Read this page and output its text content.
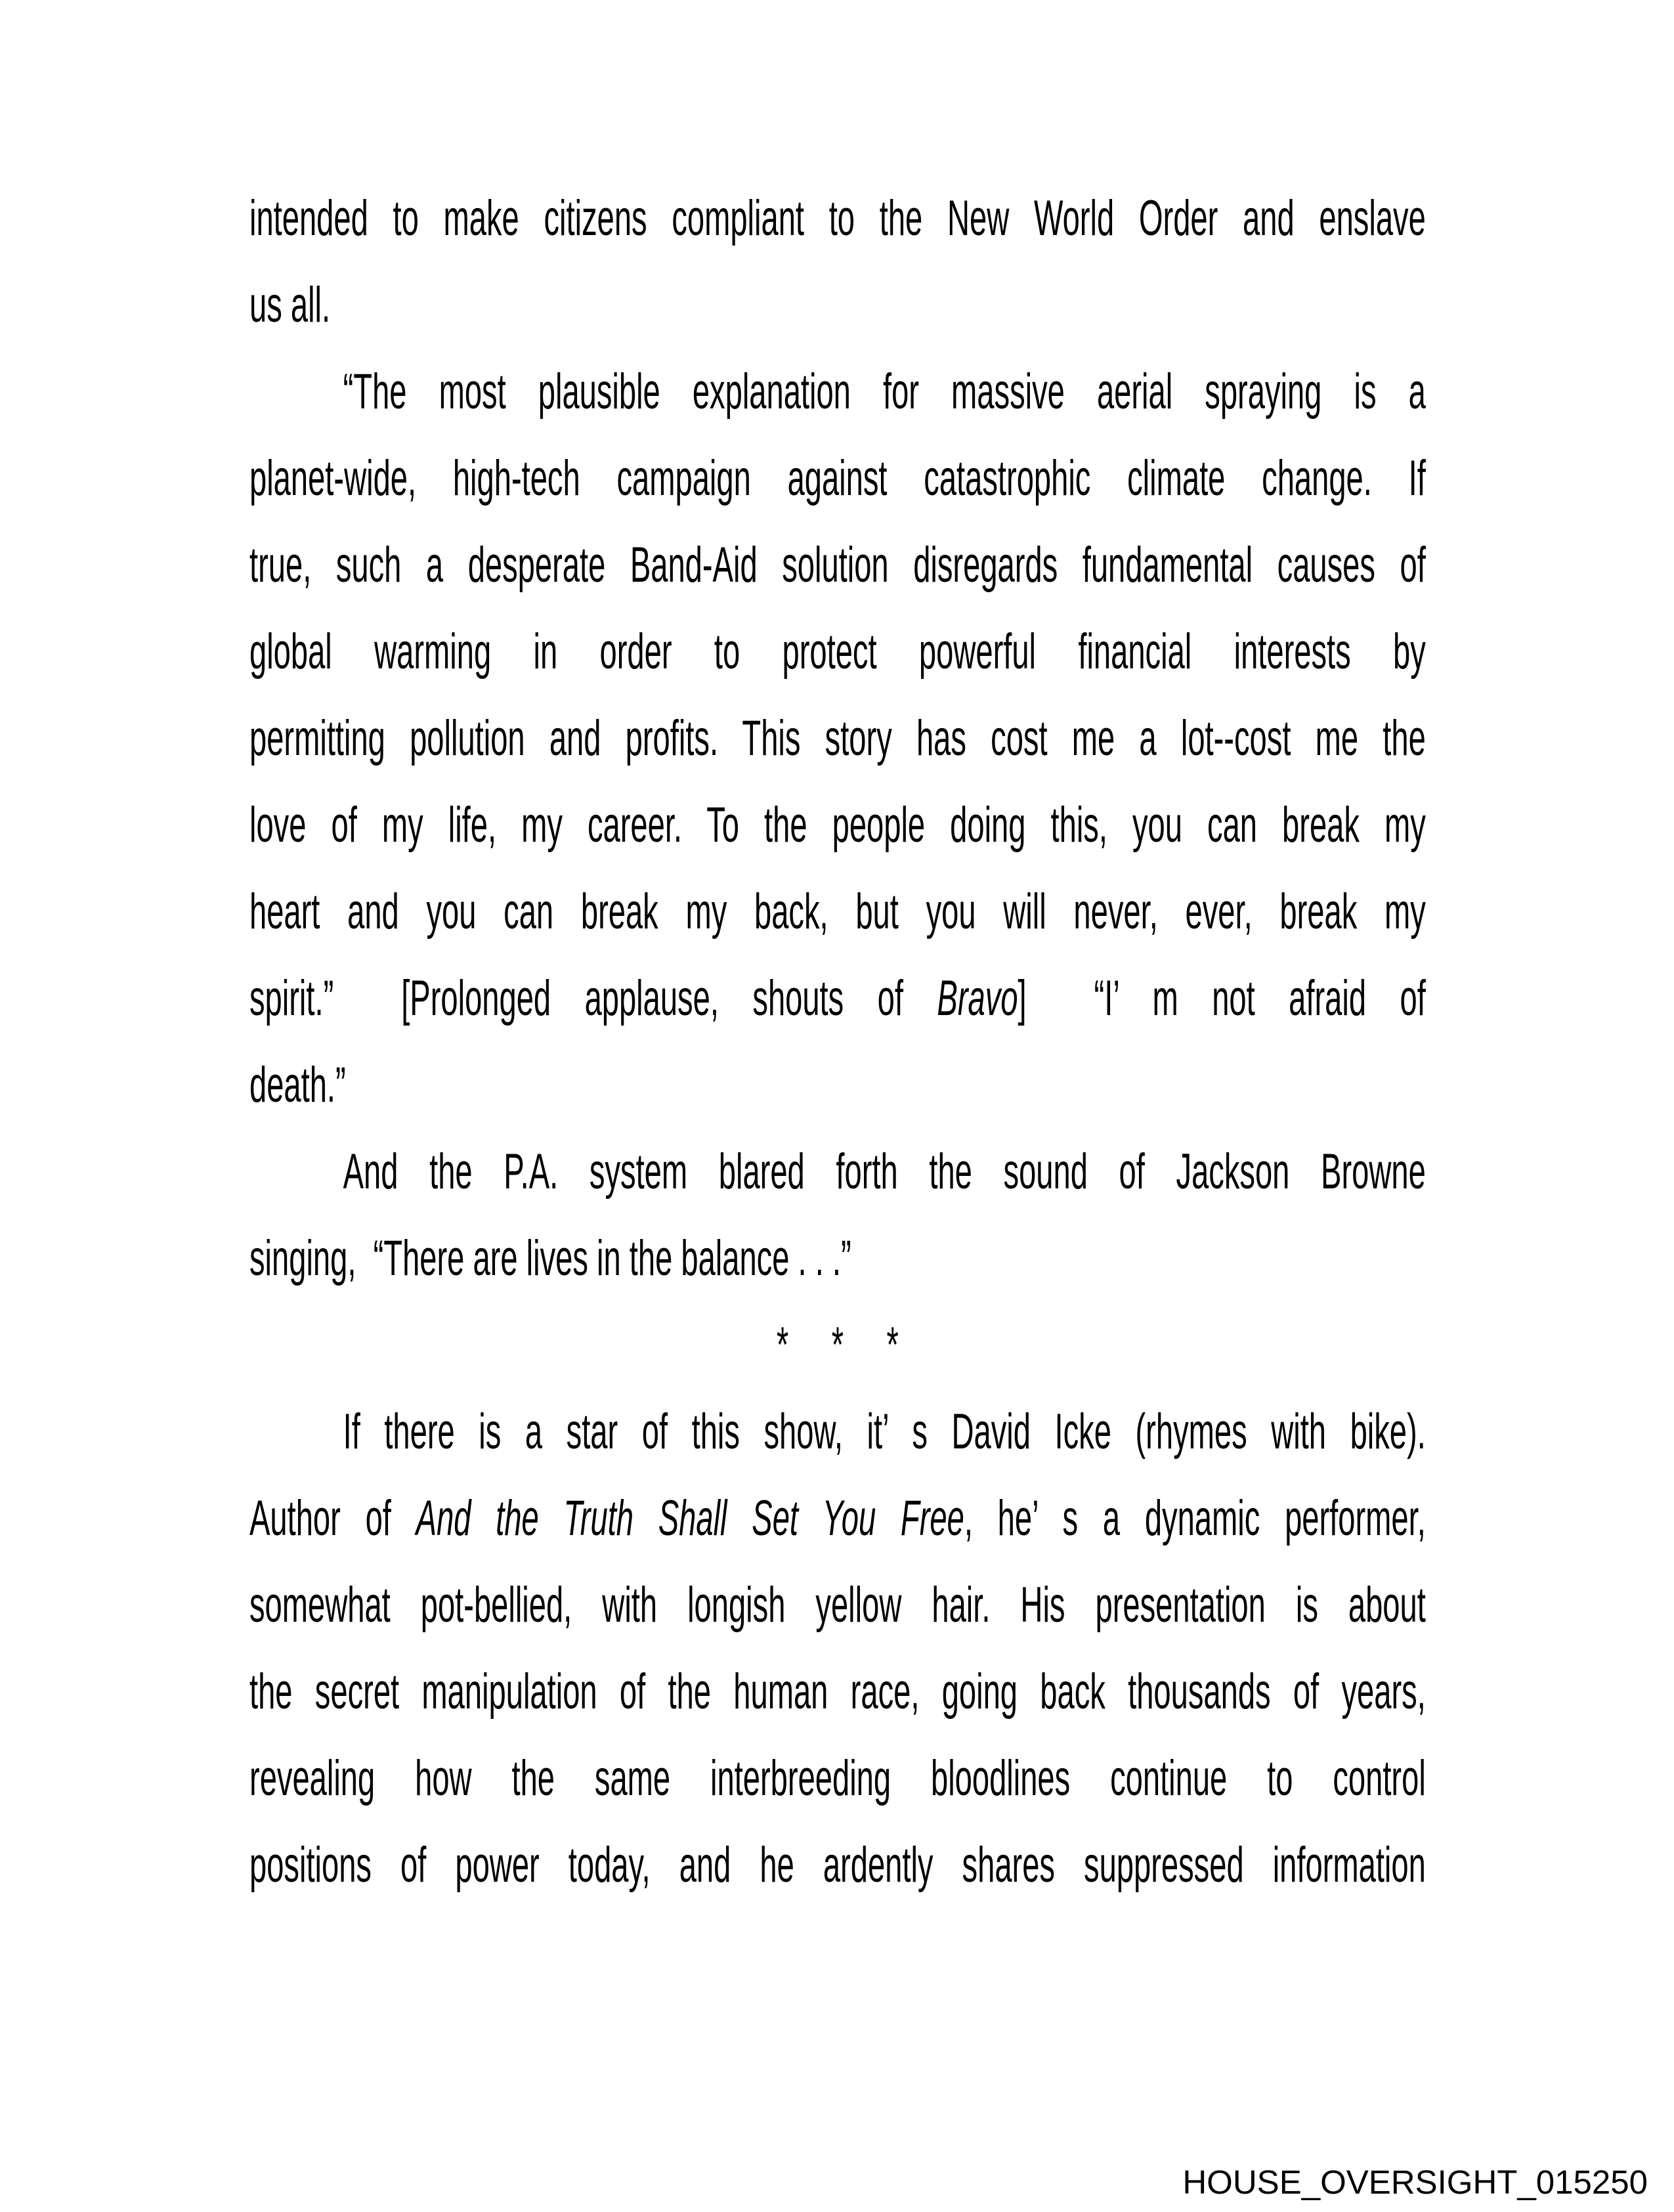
intended to make citizens compliant to the New World Order and enslave
us all.
“The most plausible explanation for massive aerial spraying is a
planet-wide, high-tech campaign against catastrophic climate change. If
true, such a desperate Band-Aid solution disregards fundamental causes of
global warming in order to protect powerful financial interests by
permitting pollution and profits. This story has cost me a lot--cost me the
love of my life, my career. To the people doing this, you can break my
heart and you can break my back, but you will never, ever, break my
spirit.”  [Prolonged applause, shouts of Bravo]  “I’ m not afraid of
death.”
And the P.A. system blared forth the sound of Jackson Browne
singing,  “There are lives in the balance . . .”
*     *     *
If there is a star of this show, it’ s David Icke (rhymes with bike).
Author of And the Truth Shall Set You Free, he’ s a dynamic performer,
somewhat pot-bellied, with longish yellow hair. His presentation is about
the secret manipulation of the human race, going back thousands of years,
revealing how the same interbreeding bloodlines continue to control
positions of power today, and he ardently shares suppressed information
HOUSE_OVERSIGHT_015250
